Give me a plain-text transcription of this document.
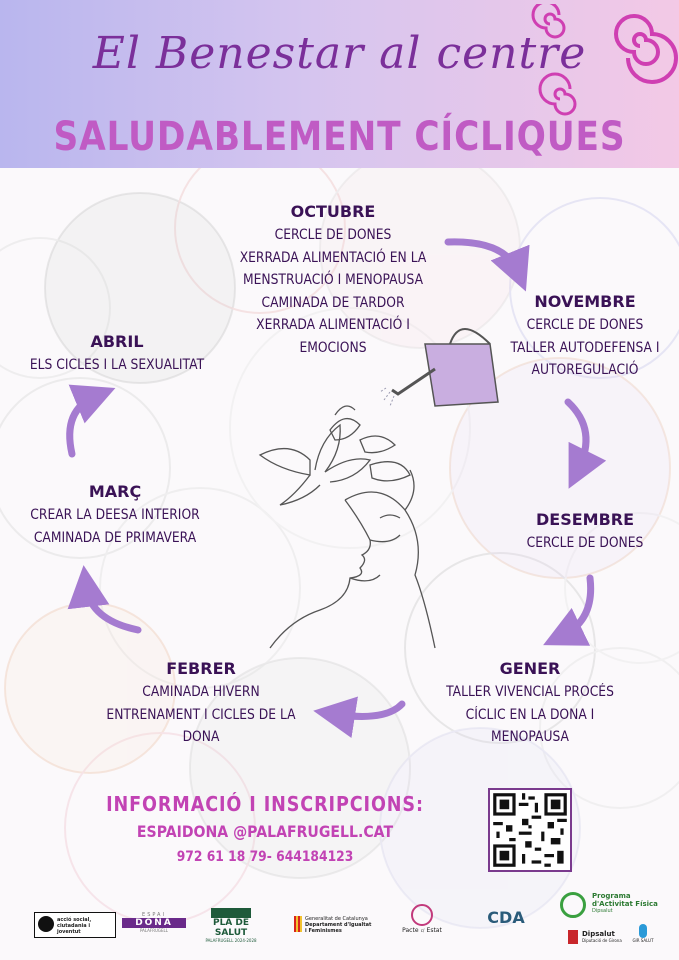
El Benestar al centre
SALUDABLEMENT CÍCLIQUES
OCTUBRE
CERCLE DE DONES
XERRADA ALIMENTACIÓ EN LA
MENSTRUACIÓ I MENOPAUSA
CAMINADA DE TARDOR
XERRADA ALIMENTACIÓ I
EMOCIONS
NOVEMBRE
CERCLE DE DONES
TALLER AUTODEFENSA I
AUTOREGULACIÓ
DESEMBRE
CERCLE DE DONES
GENER
TALLER VIVENCIAL PROCÉS
CÍCLIC EN LA DONA I
MENOPAUSA
FEBRER
CAMINADA HIVERN
ENTRENAMENT I CICLES DE LA
DONA
MARÇ
CREAR LA DEESA INTERIOR
CAMINADA DE PRIMAVERA
ABRIL
ELS CICLES I LA SEXUALITAT
INFORMACIÓ I INSCRIPCIONS:
ESPAIDONA @PALAFRUGELL.CAT
972 61 18 79- 644184123
acció social, ciutadania i joventut
ESPAI
DONA
PALAFRUGELL
PLA DE SALUT
PALAFRUGELL 2024-2028
Generalitat de Catalunya
Departament d'Igualtat
i Feminismes	Pacte c/ Estat
CDA
Programa
d'Activitat Física
Dipsalut
Dipsalut
Diputació de Girona	GIR SALUT
